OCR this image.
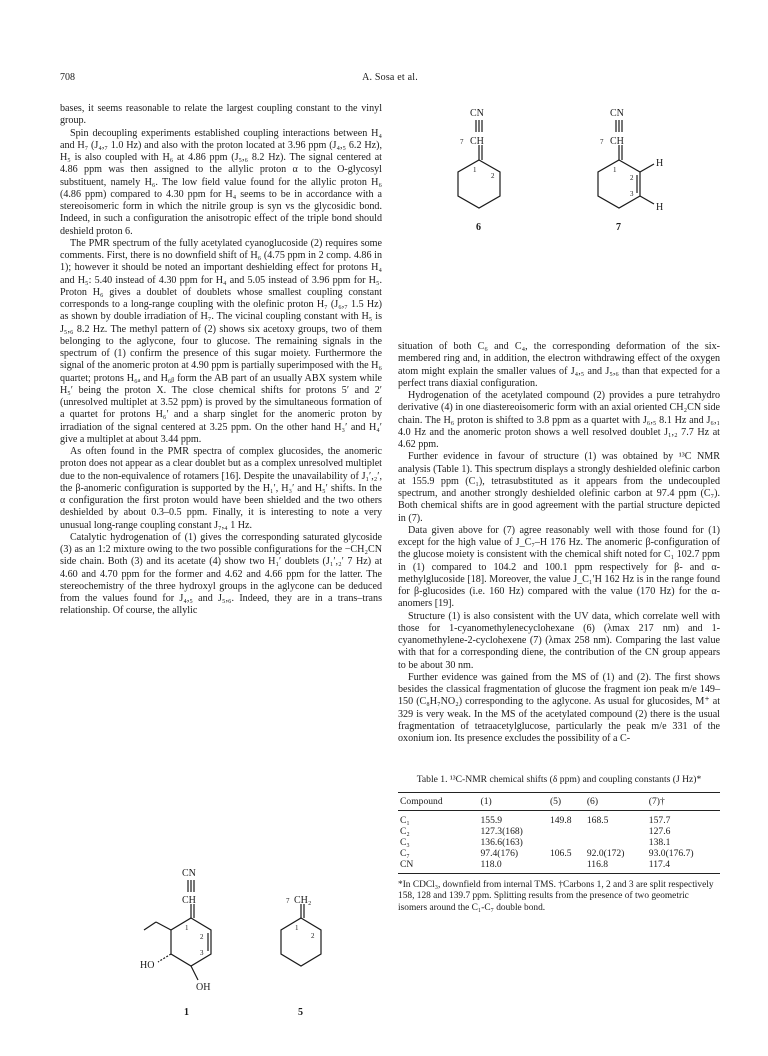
708	A. Sosa et al.

bases, it seems reasonable to relate the largest coupling constant to the vinyl group.

Spin decoupling experiments established coupling interactions between H₄ and H₇ (J₄,₇ 1.0 Hz) and also with the proton located at 3.96 ppm (J₄,₅ 6.2 Hz), H₅ is also coupled with H₆ at 4.86 ppm (J₅,₆ 8.2 Hz). The signal centered at 4.86 ppm was then assigned to the allylic proton α to the O-glycosyl substituent, namely H₆. The low field value found for the allylic proton H₆ (4.86 ppm) compared to 4.30 ppm for H₄ seems to be in accordance with a stereoisomeric form in which the nitrile group is syn vs the glycosidic bond. Indeed, in such a configuration the anisotropic effect of the triple bond should deshield proton 6.

The PMR spectrum of the fully acetylated cyanoglucoside (2) requires some comments. First, there is no downfield shift of H₆ (4.75 ppm in 2 comp. 4.86 in 1); however it should be noted an important deshielding effect for protons H₄ and H₅: 5.40 instead of 4.30 ppm for H₄ and 5.05 instead of 3.96 ppm for H₅. Proton H₆ gives a doublet of doublets whose smallest coupling constant corresponds to a long-range coupling with the olefinic proton H₇ (J₆,₇ 1.5 Hz) as shown by double irradiation of H₇. The vicinal coupling constant with H₅ is J₅,₆ 8.2 Hz. The methyl pattern of (2) shows six acetoxy groups, two of them belonging to the aglycone, four to glucose. The remaining signals in the spectrum of (1) confirm the presence of this sugar moiety. Furthermore the signal of the anomeric proton at 4.90 ppm is partially superimposed with the H₆ quartet; protons H₆ₐ and H₆ᵦ form the AB part of an usually ABX system while H₅′ being the proton X. The close chemical shifts for protons 5′ and 2′ (unresolved multiplet at 3.52 ppm) is proved by the simultaneous formation of a quartet for protons H₆′ and a sharp singlet for the anomeric proton by irradiation of the signal centered at 3.25 ppm. On the other hand H₃′ and H₄′ give a multiplet at about 3.44 ppm.

As often found in the PMR spectra of complex glucosides, the anomeric proton does not appear as a clear doublet but as a complex unresolved multiplet due to the non-equivalence of rotamers [16]. Despite the unavailability of J₁′,₂′, the β-anomeric configuration is supported by the H₁′, H₃′ and H₅′ shifts. In the α configuration the first proton would have been shielded and the two others deshielded by about 0.3–0.5 ppm. Finally, it is interesting to note a very unusual long-range coupling constant J₇,₄ 1 Hz.

Catalytic hydrogenation of (1) gives the corresponding saturated glycoside (3) as an 1:2 mixture owing to the two possible configurations for the −CH₂CN side chain. Both (3) and its acetate (4) show two H₁′ doublets (J₁′,₂′ 7 Hz) at 4.60 and 4.70 ppm for the former and 4.62 and 4.66 ppm for the latter. The stereochemistry of the three hydroxyl groups in the aglycone can be deduced from the values found for J₄,₅ and J₅,₆. Indeed, they are in a trans–trans relationship. Of course, the allylic

CN
7 CH
1
2
6
CN
7 CH
1
2
3
H
H
7

situation of both C₆ and C₄, the corresponding deformation of the six-membered ring and, in addition, the electron withdrawing effect of the oxygen atom might explain the smaller values of J₄,₅ and J₅,₆ than that expected for a perfect trans diaxial configuration.

Hydrogenation of the acetylated compound (2) provides a pure tetrahydro derivative (4) in one diastereoisomeric form with an axial oriented CH₂CN side chain. The H₆ proton is shifted to 3.8 ppm as a quartet with J₆,₅ 8.1 Hz and J₆,₁ 4.0 Hz and the anomeric proton shows a well resolved doublet J₁,₂ 7.7 Hz at 4.62 ppm.

Further evidence in favour of structure (1) was obtained by ¹³C NMR analysis (Table 1). This spectrum displays a strongly deshielded olefinic carbon at 155.9 ppm (C₁), tetrasubstituted as it appears from the undecoupled spectrum, and another strongly deshielded olefinic carbon at 97.4 ppm (C₇). Both chemical shifts are in good agreement with the partial structure depicted in (7).

Data given above for (7) agree reasonably well with those found for (1) except for the high value of J_C₇–H 176 Hz. The anomeric β-configuration of the glucose moiety is consistent with the chemical shift noted for C₁ 102.7 ppm in (1) compared to 104.2 and 100.1 ppm respectively for β- and α-methylglucoside [18]. Moreover, the value J_C₁′H 162 Hz is in the range found for β-glucosides (i.e. 160 Hz) compared with the value (170 Hz) for the α-anomers [19].

Structure (1) is also consistent with the UV data, which correlate well with those for 1-cyanomethylenecyclohexane (6) (λmax 217 nm) and 1-cyanomethylene-2-cyclohexene (7) (λmax 258 nm). Comparing the last value with that for a corresponding diene, the contribution of the CN group appears to be about 30 nm.

Further evidence was gained from the MS of (1) and (2). The first shows besides the classical fragmentation of glucose the fragment ion peak m/e 149–150 (C₈H₇NO₂) corresponding to the aglycone. As usual for glucosides, M⁺ at 329 is very weak. In the MS of the acetylated compound (2) there is the usual fragmentation of tetraacetylglucose, particularly the peak m/e 331 of the oxonium ion. Its presence excludes the possibility of a C-

CN
CH
1
2
3
HO
OH
1
7 CH₂
1
2
5
Table 1. ¹³C-NMR chemical shifts (δ ppm) and coupling constants (J Hz)*
Compound	(1)	(5)	(6)	(7)†
C₁	155.9	149.8	168.5	157.7
C₂	127.3(168)			127.6
C₃	136.6(163)			138.1
C₇	97.4(176)	106.5	92.0(172)	93.0(176.7)
CN	118.0		116.8	117.4
*In CDCl₃, downfield from internal TMS. †Carbons 1, 2 and 3 are split respectively 158, 128 and 139.7 ppm. Splitting results from the presence of two geometric isomers around the C₁-C₇ double bond.
